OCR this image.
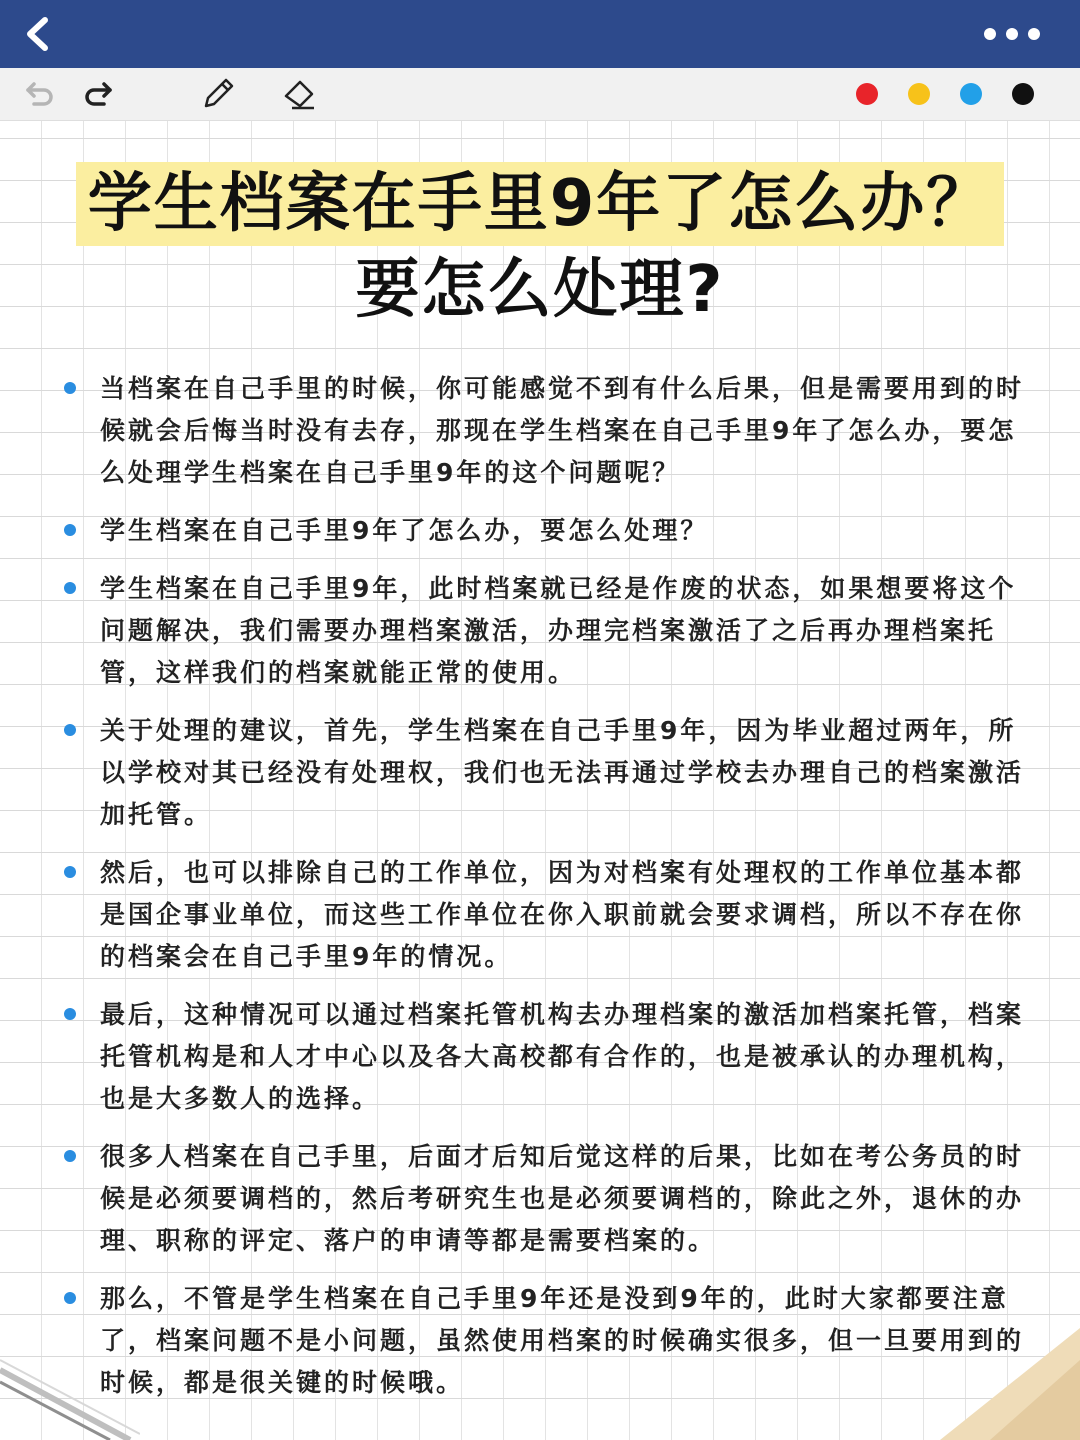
学生档案在手里9年了怎么办？
要怎么处理?
当档案在自己手里的时候，你可能感觉不到有什么后果，但是需要用到的时候就会后悔当时没有去存，那现在学生档案在自己手里9年了怎么办，要怎么处理学生档案在自己手里9年的这个问题呢？
学生档案在自己手里9年了怎么办，要怎么处理？
学生档案在自己手里9年，此时档案就已经是作废的状态，如果想要将这个问题解决，我们需要办理档案激活，办理完档案激活了之后再办理档案托管，这样我们的档案就能正常的使用。
关于处理的建议，首先，学生档案在自己手里9年，因为毕业超过两年，所以学校对其已经没有处理权，我们也无法再通过学校去办理自己的档案激活加托管。
然后，也可以排除自己的工作单位，因为对档案有处理权的工作单位基本都是国企事业单位，而这些工作单位在你入职前就会要求调档，所以不存在你的档案会在自己手里9年的情况。
最后，这种情况可以通过档案托管机构去办理档案的激活加档案托管，档案托管机构是和人才中心以及各大高校都有合作的，也是被承认的办理机构，也是大多数人的选择。
很多人档案在自己手里，后面才后知后觉这样的后果，比如在考公务员的时候是必须要调档的，然后考研究生也是必须要调档的，除此之外，退休的办理、职称的评定、落户的申请等都是需要档案的。
那么，不管是学生档案在自己手里9年还是没到9年的，此时大家都要注意了，档案问题不是小问题，虽然使用档案的时候确实很多，但一旦要用到的时候，都是很关键的时候哦。
